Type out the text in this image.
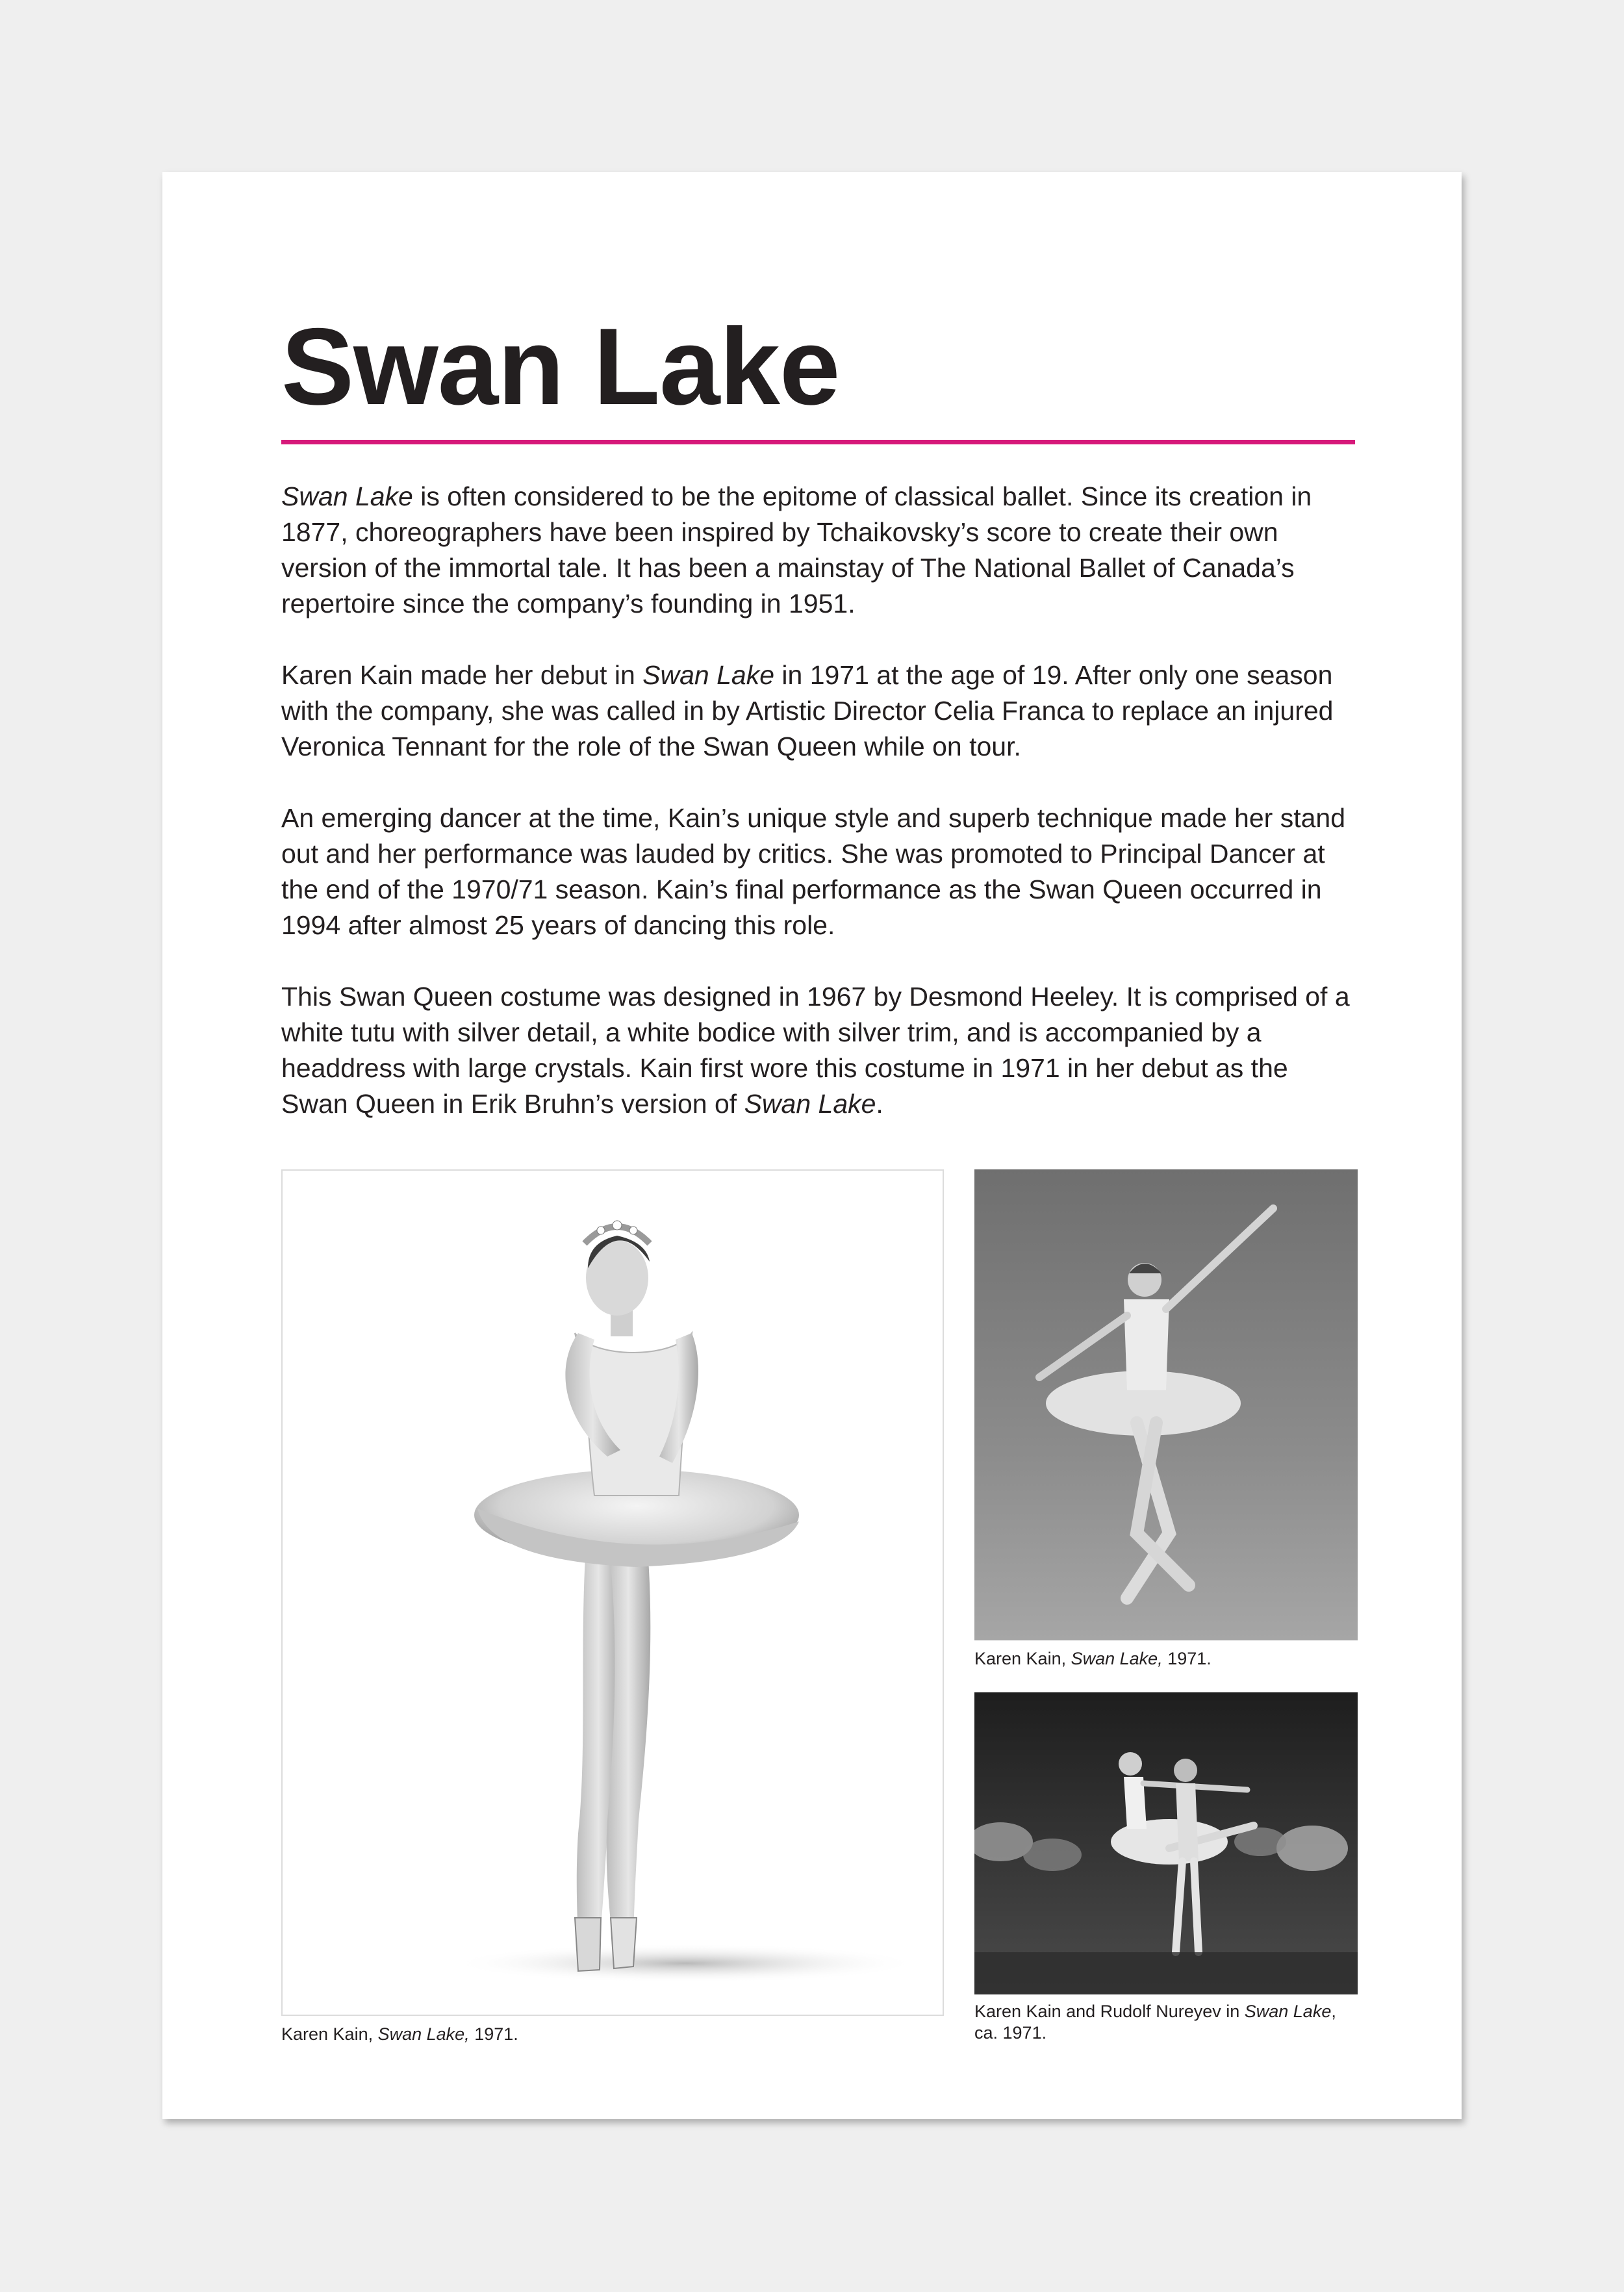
Swan Lake

Swan Lake is often considered to be the epitome of classical ballet. Since its creation in 1877, choreographers have been inspired by Tchaikovsky’s score to create their own version of the immortal tale. It has been a mainstay of The National Ballet of Canada’s repertoire since the company’s founding in 1951.

Karen Kain made her debut in Swan Lake in 1971 at the age of 19. After only one season with the company, she was called in by Artistic Director Celia Franca to replace an injured Veronica Tennant for the role of the Swan Queen while on tour.

An emerging dancer at the time, Kain’s unique style and superb technique made her stand out and her performance was lauded by critics. She was promoted to Principal Dancer at the end of the 1970/71 season. Kain’s final performance as the Swan Queen occurred in 1994 after almost 25 years of dancing this role.

This Swan Queen costume was designed in 1967 by Desmond Heeley. It is comprised of a white tutu with silver detail, a white bodice with silver trim, and is accompanied by a headdress with large crystals. Kain first wore this costume in 1971 in her debut as the Swan Queen in Erik Bruhn’s version of Swan Lake.

Karen Kain, Swan Lake, 1971.
Karen Kain, Swan Lake, 1971.
Karen Kain and Rudolf Nureyev in Swan Lake, ca. 1971.
